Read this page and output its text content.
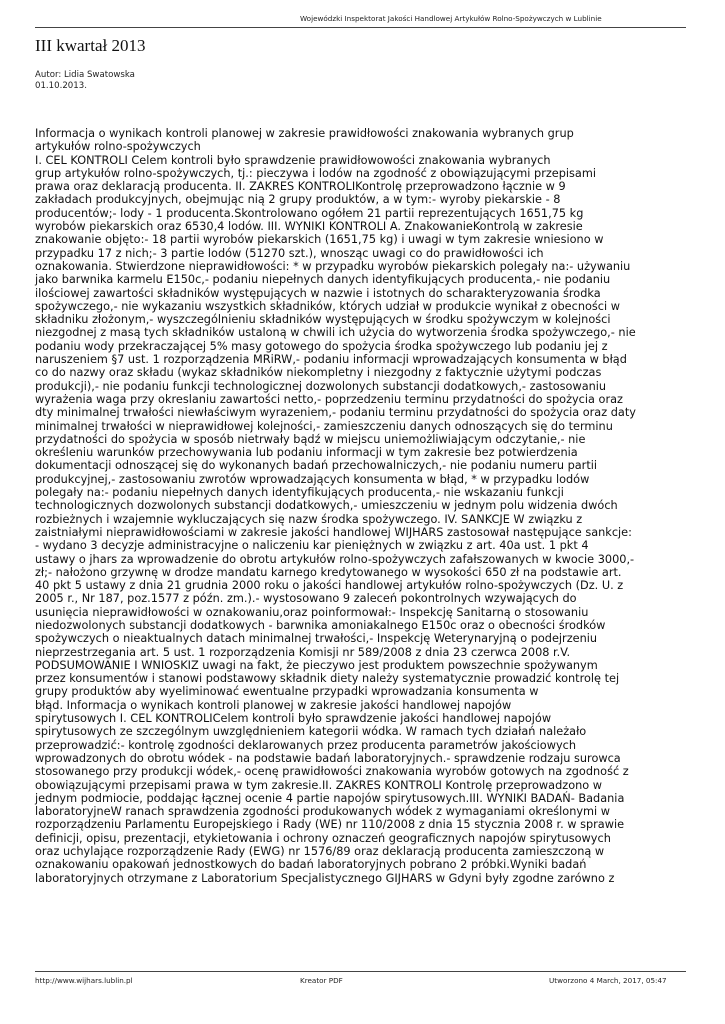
Wojewódzki Inspektorat Jakości Handlowej Artykułów Rolno-Spożywczych w Lublinie
III kwartał 2013
Autor: Lidia Swatowska
01.10.2013.
Informacja o wynikach kontroli planowej w zakresie prawidłowości znakowania wybranych grup
artykułów rolno-spożywczych
I. CEL KONTROLI Celem kontroli było sprawdzenie prawidłowowości znakowania wybranych
grup artykułów rolno-spożywczych, tj.: pieczywa i lodów na zgodność z obowiązującymi przepisami
prawa oraz deklaracją producenta. II. ZAKRES KONTROLIKontrolę przeprowadzono łącznie w 9
zakładach produkcyjnych, obejmując nią 2 grupy produktów, a w tym:- wyroby piekarskie - 8
producentów;- lody - 1 producenta.Skontrolowano ogółem 21 partii reprezentujących 1651,75 kg
wyrobów piekarskich oraz 6530,4 lodów. III. WYNIKI KONTROLI A. ZnakowanieKontrolą w zakresie
znakowanie objęto:- 18 partii wyrobów piekarskich (1651,75 kg) i uwagi w tym zakresie wniesiono w
przypadku 17 z nich;- 3 partie lodów (51270 szt.), wnosząc uwagi co do prawidłowości ich
oznakowania. Stwierdzone nieprawidłowości: * w przypadku wyrobów piekarskich polegały na:- używaniu
jako barwnika karmelu E150c,- podaniu niepełnych danych identyfikujących producenta,- nie podaniu
ilościowej zawartości składników występujących w nazwie i istotnych do scharakteryzowania środka
spożywczego,- nie wykazaniu wszystkich składników, których udział w produkcie wynikał z obecności w
składniku złożonym,- wyszczególnieniu składników występujących w środku spożywczym w kolejności
niezgodnej z masą tych składników ustaloną w chwili ich użycia do wytworzenia środka spożywczego,- nie
podaniu wody przekraczającej 5% masy gotowego do spożycia środka spożywczego lub podaniu jej z
naruszeniem §7 ust. 1 rozporządzenia MRiRW,- podaniu informacji wprowadzających konsumenta w błąd
co do nazwy oraz składu (wykaz składników niekompletny i niezgodny z faktycznie użytymi podczas
produkcji),- nie podaniu funkcji technologicznej dozwolonych substancji dodatkowych,- zastosowaniu
wyrażenia waga przy okreslaniu zawartości netto,- poprzedzeniu terminu przydatności do spożycia oraz
dty minimalnej trwałości niewłaściwym wyrazeniem,- podaniu terminu przydatności do spożycia oraz daty
minimalnej trwałości w nieprawidłowej kolejności,- zamieszczeniu danych odnoszących się do terminu
przydatności do spożycia w sposób nietrwały bądź w miejscu uniemożliwiającym odczytanie,- nie
określeniu warunków przechowywania lub podaniu informacji w tym zakresie bez potwierdzenia
dokumentacji odnoszącej się do wykonanych badań przechowalniczych,- nie podaniu numeru partii
produkcyjnej,- zastosowaniu zwrotów wprowadzających konsumenta w błąd, * w przypadku lodów
polegały na:- podaniu niepełnych danych identyfikujących producenta,- nie wskazaniu funkcji
technologicznych dozwolonych substancji dodatkowych,- umieszczeniu w jednym polu widzenia dwóch
rozbieżnych i wzajemnie wykluczających się nazw środka spożywczego. IV. SANKCJE W związku z
zaistniałymi nieprawidłowościami w zakresie jakości handlowej WIJHARS zastosował następujące sankcje:
- wydano 3 decyzje administracyjne o naliczeniu kar pieniężnych w związku z art. 40a ust. 1 pkt 4
ustawy o jhars za wprowadzenie do obrotu artykułów rolno-spożywczych zafałszowanych w kwocie 3000,-
zł;- nałożono grzywnę w drodze mandatu karnego kredytowanego w wysokości 650 zł na podstawie art.
40 pkt 5 ustawy z dnia 21 grudnia 2000 roku o jakości handlowej artykułów rolno-spożywczych (Dz. U. z
2005 r., Nr 187, poz.1577 z późn. zm.).- wystosowano 9 zaleceń pokontrolnych wzywających do
usunięcia nieprawidłowości w oznakowaniu,oraz poinformował:- Inspekcję Sanitarną o stosowaniu
niedozwolonych substancji dodatkowych - barwnika amoniakalnego E150c oraz o obecności środków
spożywczych o nieaktualnych datach minimalnej trwałości,- Inspekcję Weterynaryjną o podejrzeniu
nieprzestrzegania art. 5 ust. 1 rozporządzenia Komisji nr 589/2008 z dnia 23 czerwca 2008 r.V.
PODSUMOWANIE I WNIOSKIZ uwagi na fakt, że pieczywo jest produktem powszechnie spożywanym
przez konsumentów i stanowi podstawowy składnik diety należy systematycznie prowadzić kontrolę tej
grupy produktów aby wyeliminować ewentualne przypadki wprowadzania konsumenta w
błąd. Informacja o wynikach kontroli planowej w zakresie jakości handlowej napojów
spirytusowych I. CEL KONTROLICelem kontroli było sprawdzenie jakości handlowej napojów
spirytusowych ze szczególnym uwzględnieniem kategorii wódka. W ramach tych działań należało
przeprowadzić:- kontrolę zgodności deklarowanych przez producenta parametrów jakościowych
wprowadzonych do obrotu wódek - na podstawie badań laboratoryjnych.- sprawdzenie rodzaju surowca
stosowanego przy produkcji wódek,- ocenę prawidłowości znakowania wyrobów gotowych na zgodność z
obowiązującymi przepisami prawa w tym zakresie.II. ZAKRES KONTROLI Kontrolę przeprowadzono w
jednym podmiocie, poddając łącznej ocenie 4 partie napojów spirytusowych.III. WYNIKI BADAŃ- Badania
laboratoryjneW ranach sprawdzenia zgodności produkowanych wódek z wymaganiami określonymi w
rozporządzeniu Parlamentu Europejskiego i Rady (WE) nr 110/2008 z dnia 15 stycznia 2008 r. w sprawie
definicji, opisu, prezentacji, etykietowania i ochrony oznaczeń geograficznych napojów spirytusowych
oraz uchylające rozporządzenie Rady (EWG) nr 1576/89 oraz deklaracją producenta zamieszczoną w
oznakowaniu opakowań jednostkowych do badań laboratoryjnych pobrano 2 próbki.Wyniki badań
laboratoryjnych otrzymane z Laboratorium Specjalistycznego GIJHARS w Gdyni były zgodne zarówno z
http://www.wijhars.lublin.pl	Kreator PDF	Utworzono 4 March, 2017, 05:47
